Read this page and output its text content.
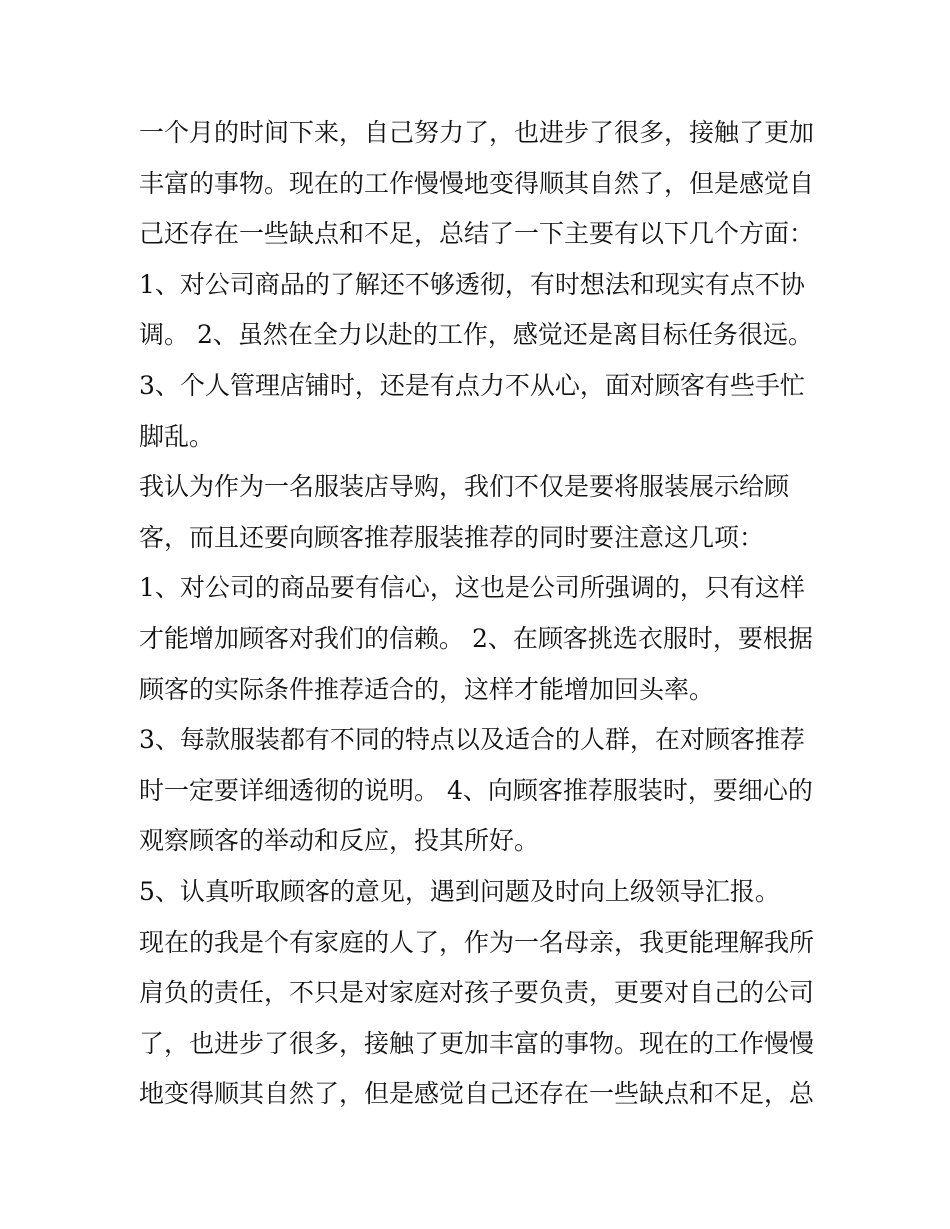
一个月的时间下来，自己努力了，也进步了很多，接触了更加
丰富的事物。现在的工作慢慢地变得顺其自然了，但是感觉自
己还存在一些缺点和不足，总结了一下主要有以下几个方面：
1、对公司商品的了解还不够透彻，有时想法和现实有点不协
调。 2、虽然在全力以赴的工作，感觉还是离目标任务很远。
3、个人管理店铺时，还是有点力不从心，面对顾客有些手忙
脚乱。
我认为作为一名服装店导购，我们不仅是要将服装展示给顾
客，而且还要向顾客推荐服装推荐的同时要注意这几项：
1、对公司的商品要有信心，这也是公司所强调的，只有这样
才能增加顾客对我们的信赖。 2、在顾客挑选衣服时，要根据
顾客的实际条件推荐适合的，这样才能增加回头率。
3、每款服装都有不同的特点以及适合的人群，在对顾客推荐
时一定要详细透彻的说明。 4、向顾客推荐服装时，要细心的
观察顾客的举动和反应，投其所好。
5、认真听取顾客的意见，遇到问题及时向上级领导汇报。
现在的我是个有家庭的人了，作为一名母亲，我更能理解我所
肩负的责任，不只是对家庭对孩子要负责，更要对自己的公司
了，也进步了很多，接触了更加丰富的事物。现在的工作慢慢
地变得顺其自然了，但是感觉自己还存在一些缺点和不足，总
